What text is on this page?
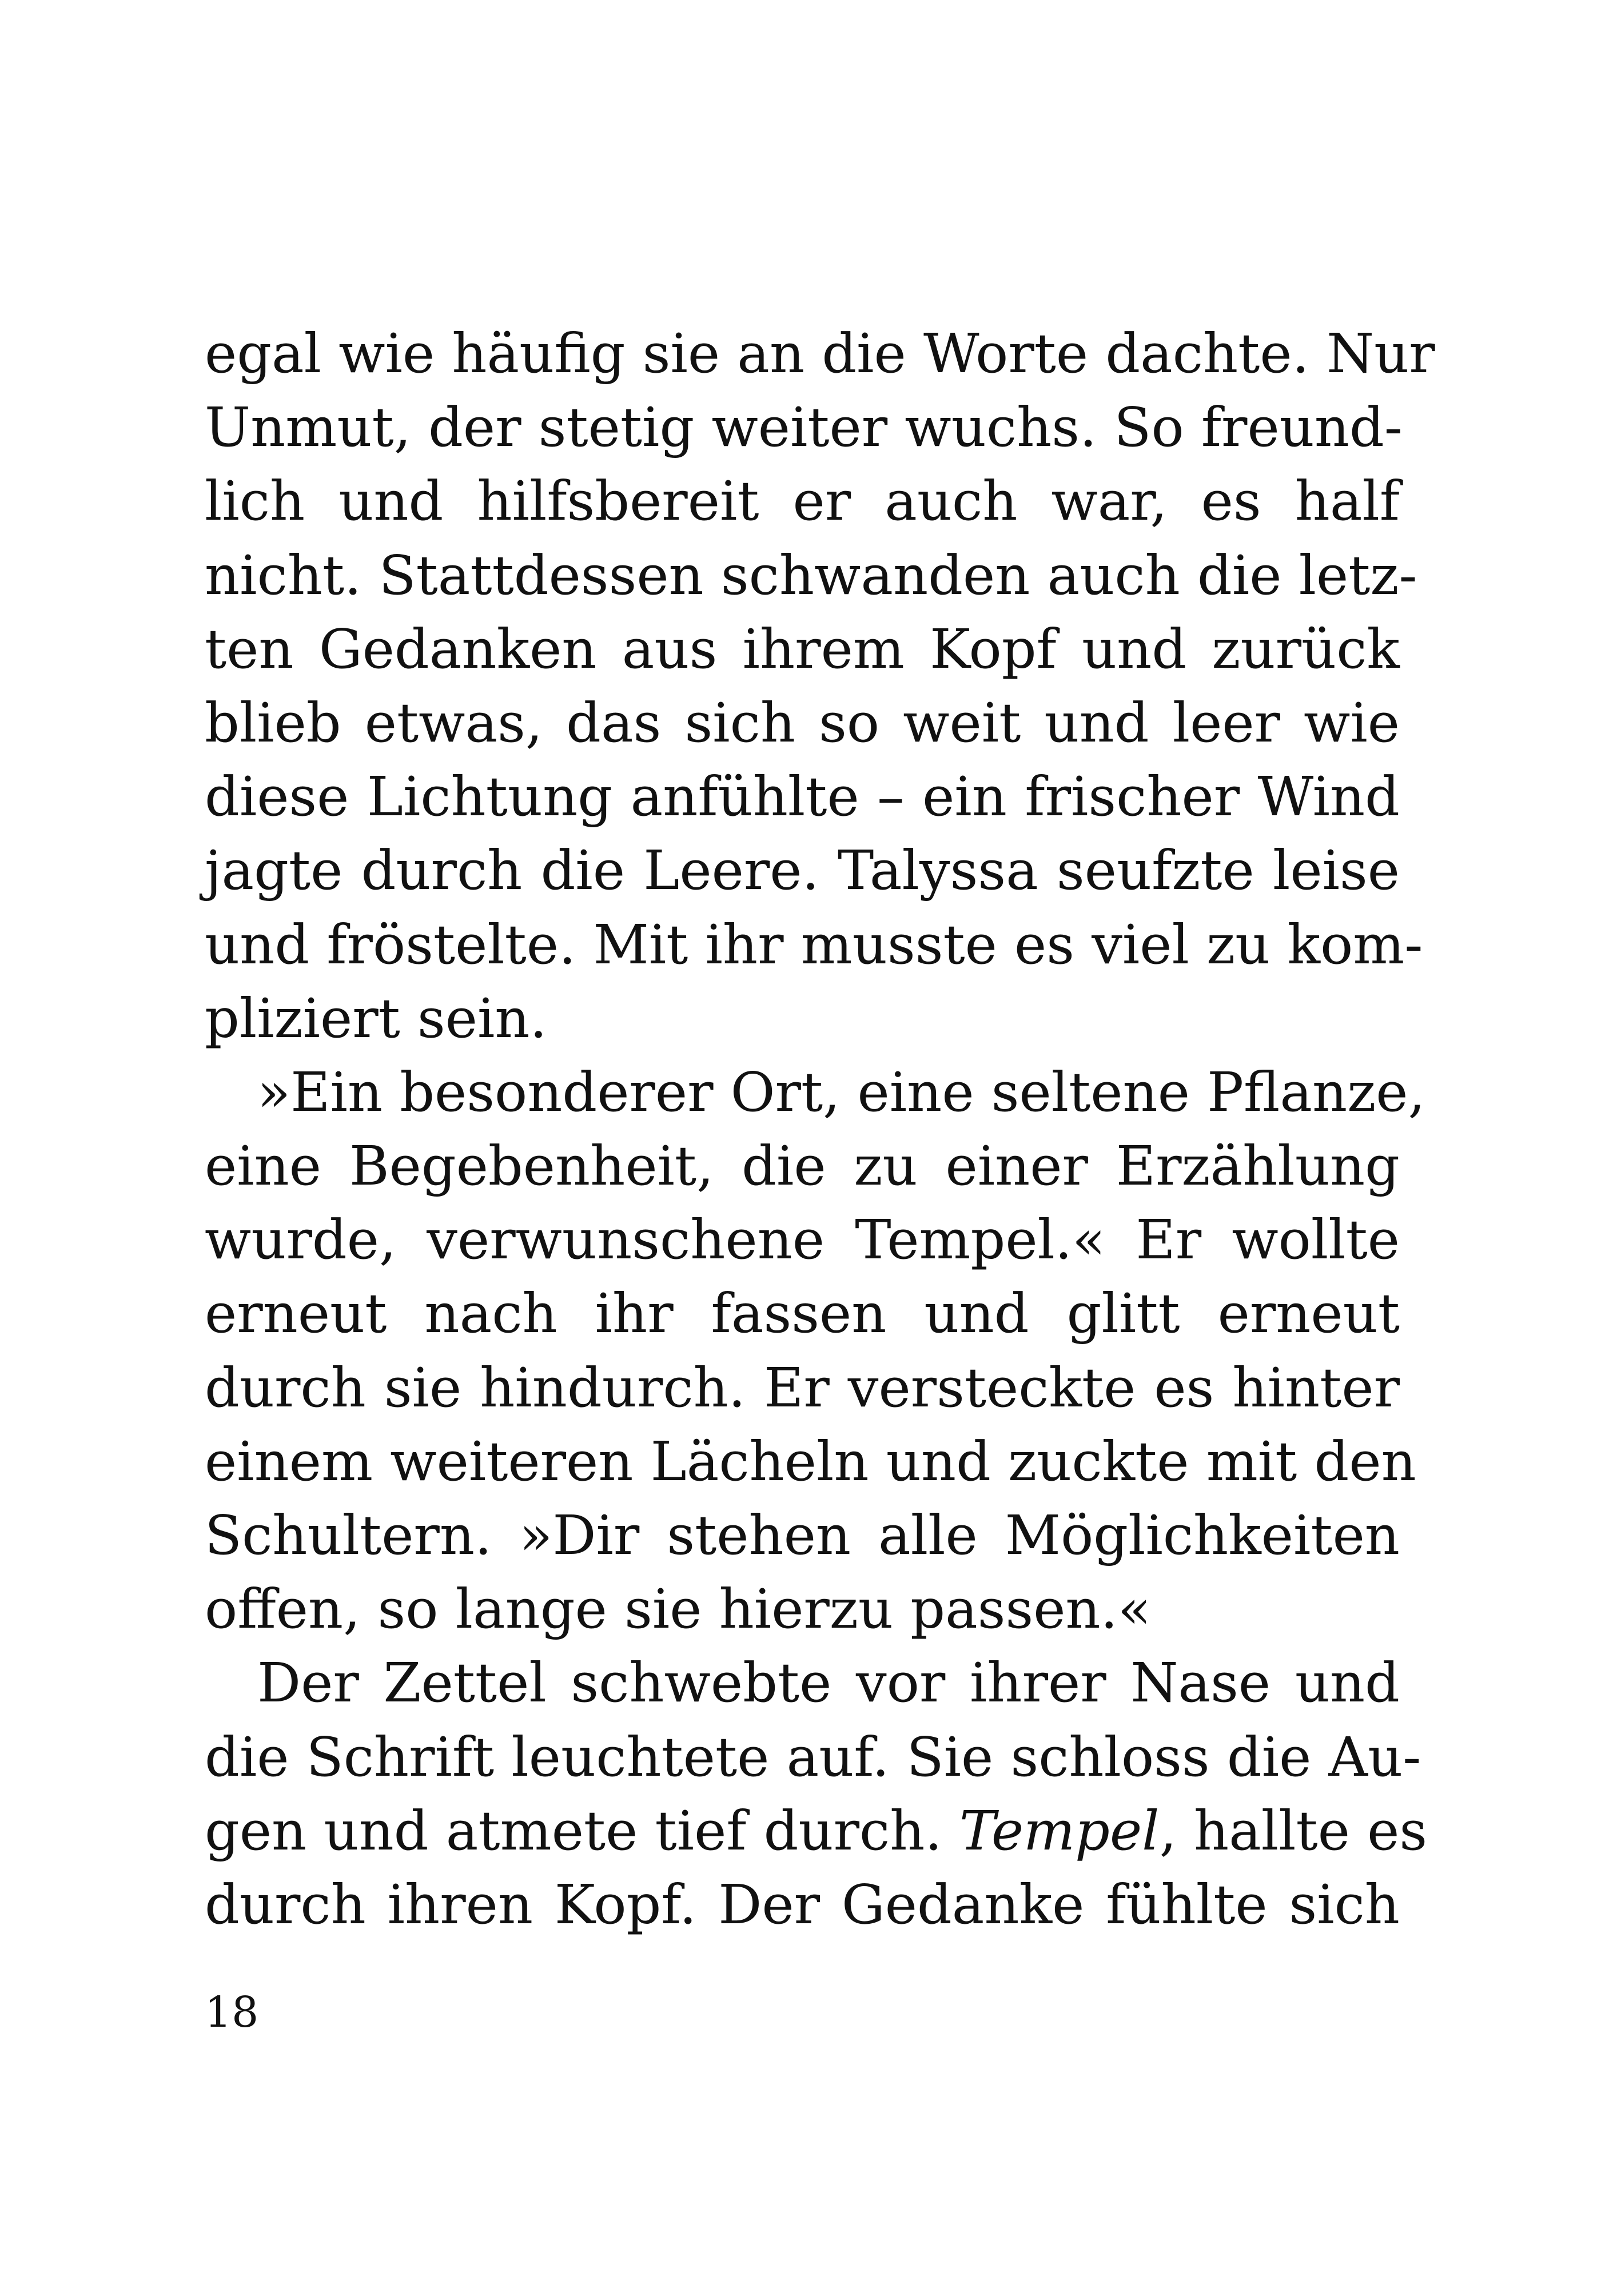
egal wie häufig sie an die Worte dachte. Nur
Unmut, der stetig weiter wuchs. So freund-
lich und hilfsbereit er auch war, es half
nicht. Stattdessen schwanden auch die letz-
ten Gedanken aus ihrem Kopf und zurück
blieb etwas, das sich so weit und leer wie
diese Lichtung anfühlte – ein frischer Wind
jagte durch die Leere. Talyssa seufzte leise
und fröstelte. Mit ihr musste es viel zu kom-
pliziert sein.
»Ein besonderer Ort, eine seltene Pflanze,
eine Begebenheit, die zu einer Erzählung
wurde, verwunschene Tempel.« Er wollte
erneut nach ihr fassen und glitt erneut
durch sie hindurch. Er versteckte es hinter
einem weiteren Lächeln und zuckte mit den
Schultern. »Dir stehen alle Möglichkeiten
offen, so lange sie hierzu passen.«
Der Zettel schwebte vor ihrer Nase und
die Schrift leuchtete auf. Sie schloss die Au-
gen und atmete tief durch. Tempel, hallte es
durch ihren Kopf. Der Gedanke fühlte sich
18
